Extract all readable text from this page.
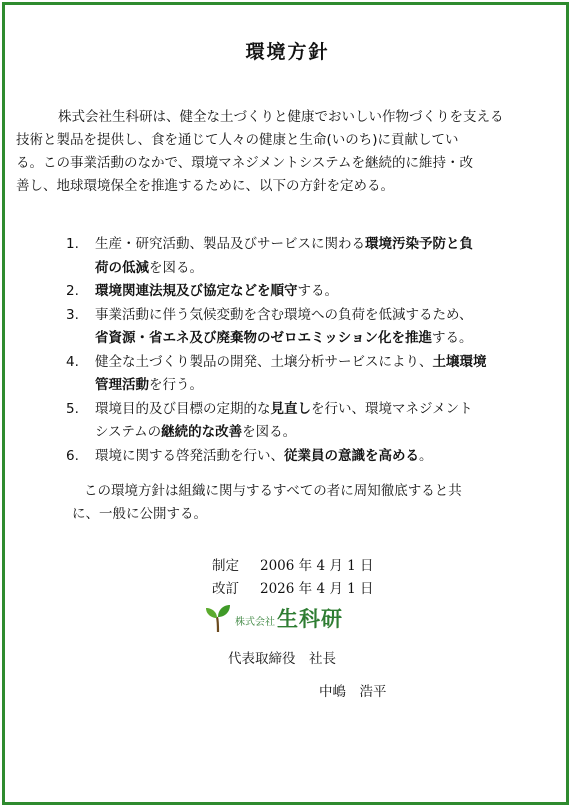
環境方針

株式会社生科研は、健全な土づくりと健康でおいしい作物づくりを支える

技術と製品を提供し、食を通じて人々の健康と生命(いのち)に貢献してい

る。この事業活動のなかで、環境マネジメントシステムを継続的に維持・改

善し、地球環境保全を推進するために、以下の方針を定める。

1. 生産・研究活動、製品及びサービスに関わる環境汚染予防と負
荷の低減を図る。
2. 環境関連法規及び協定などを順守する。
3. 事業活動に伴う気候変動を含む環境への負荷を低減するため、
省資源・省エネ及び廃棄物のゼロエミッション化を推進する。
4. 健全な土づくり製品の開発、土壌分析サービスにより、土壌環境
管理活動を行う。
5. 環境目的及び目標の定期的な見直しを行い、環境マネジメント
システムの継続的な改善を図る。
6. 環境に関する啓発活動を行い、従業員の意識を高める。
この環境方針は組織に関与するすべての者に周知徹底すると共
に、一般に公開する。
制定 2006 年 4 月 1 日
改訂 2026 年 4 月 1 日
株式会社 生科研
代表取締役　社長
中嶋　浩平
